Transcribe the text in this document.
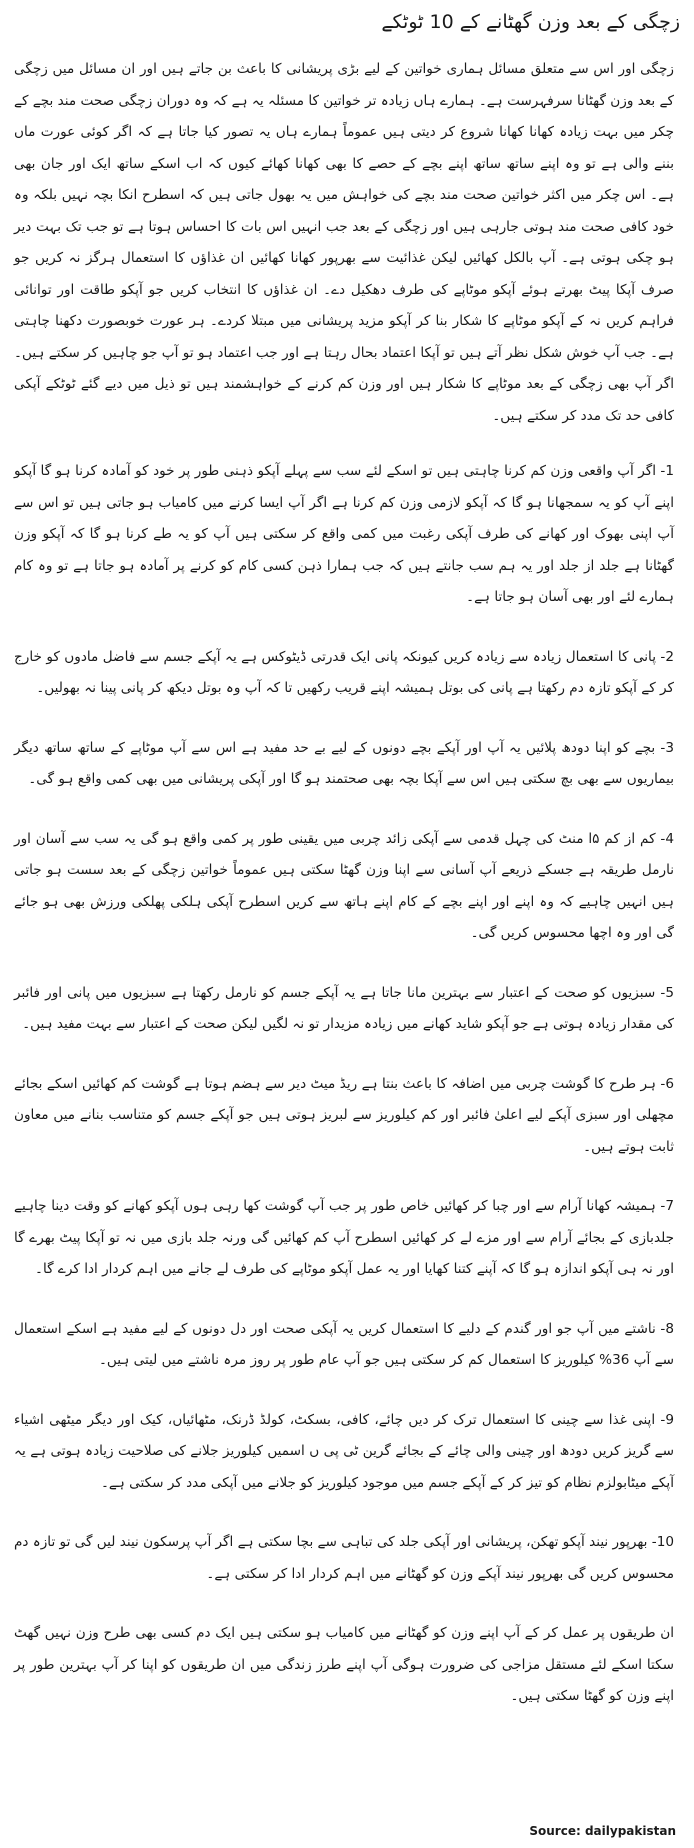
زچگی کے بعد وزن گھٹانے کے 10 ٹوٹکے

زچگی اور اس سے متعلق مسائل ہماری خواتین کے لیے بڑی پریشانی کا باعث بن جاتے ہیں اور ان مسائل میں زچگی کے بعد وزن گھٹانا سرفہرست ہے۔ ہمارے ہاں زیادہ تر خواتین کا مسئلہ یہ ہے کہ وہ دوران زچگی صحت مند بچے کے چکر میں بہت زیادہ کھانا کھانا شروع کر دیتی ہیں عموماً ہمارے ہاں یہ تصور کیا جاتا ہے کہ اگر کوئی عورت ماں بننے والی ہے تو وہ اپنے ساتھ ساتھ اپنے بچے کے حصے کا بھی کھانا کھائے کیوں کہ اب اسکے ساتھ ایک اور جان بھی ہے۔ اس چکر میں اکثر خواتین صحت مند بچے کی خواہش میں یہ بھول جاتی ہیں کہ اسطرح انکا بچہ نہیں بلکہ وہ خود کافی صحت مند ہوتی جارہی ہیں اور زچگی کے بعد جب انہیں اس بات کا احساس ہوتا ہے تو جب تک بہت دیر ہو چکی ہوتی ہے۔ آپ بالکل کھائیں لیکن غذائیت سے بھرپور کھانا کھائیں ان غذاؤں کا استعمال ہرگز نہ کریں جو صرف آپکا پیٹ بھرتے ہوئے آپکو موٹاپے کی طرف دھکیل دے۔ ان غذاؤں کا انتخاب کریں جو آپکو طاقت اور توانائی فراہم کریں نہ کے آپکو موٹاپے کا شکار بنا کر آپکو مزید پریشانی میں مبتلا کردے۔ ہر عورت خوبصورت دکھنا چاہتی ہے۔ جب آپ خوش شکل نظر آتے ہیں تو آپکا اعتماد بحال رہتا ہے اور جب اعتماد ہو تو آپ جو چاہیں کر سکتے ہیں۔ اگر آپ بھی زچگی کے بعد موٹاپے کا شکار ہیں اور وزن کم کرنے کے خواہشمند ہیں تو ذیل میں دیے گئے ٹوٹکے آپکی کافی حد تک مدد کر سکتے ہیں۔

1- اگر آپ واقعی وزن کم کرنا چاہتی ہیں تو اسکے لئے سب سے پہلے آپکو ذہنی طور پر خود کو آمادہ کرنا ہو گا آپکو اپنے آپ کو یہ سمجھانا ہو گا کہ آپکو لازمی وزن کم کرنا ہے اگر آپ ایسا کرنے میں کامیاب ہو جاتی ہیں تو اس سے آپ اپنی بھوک اور کھانے کی طرف آپکی رغبت میں کمی واقع کر سکتی ہیں آپ کو یہ طے کرنا ہو گا کہ آپکو وزن گھٹانا ہے جلد از جلد اور یہ ہم سب جانتے ہیں کہ جب ہمارا ذہن کسی کام کو کرنے پر آمادہ ہو جاتا ہے تو وہ کام ہمارے لئے اور بھی آسان ہو جاتا ہے۔

2- پانی کا استعمال زیادہ سے زیادہ کریں کیونکہ پانی ایک قدرتی ڈیٹوکس ہے یہ آپکے جسم سے فاضل مادوں کو خارج کر کے آپکو تازہ دم رکھتا ہے پانی کی بوتل ہمیشہ اپنے قریب رکھیں تا کہ آپ وہ بوتل دیکھ کر پانی پینا نہ بھولیں۔

3- بچے کو اپنا دودھ پلائیں یہ آپ اور آپکے بچے دونوں کے لیے بے حد مفید ہے اس سے آپ موٹاپے کے ساتھ ساتھ دیگر بیماریوں سے بھی بچ سکتی ہیں اس سے آپکا بچہ بھی صحتمند ہو گا اور آپکی پریشانی میں بھی کمی واقع ہو گی۔

4- کم از کم ۵ا منٹ کی چہل قدمی سے آپکی زائد چربی میں یقینی طور پر کمی واقع ہو گی یہ سب سے آسان اور نارمل طریقہ ہے جسکے ذریعے آپ آسانی سے اپنا وزن گھٹا سکتی ہیں عموماً خواتین زچگی کے بعد سست ہو جاتی ہیں انہیں چاہیے کہ وہ اپنے اور اپنے بچے کے کام اپنے ہاتھ سے کریں اسطرح آپکی ہلکی پھلکی ورزش بھی ہو جائے گی اور وہ اچھا محسوس کریں گی۔

5- سبزیوں کو صحت کے اعتبار سے بہترین مانا جاتا ہے یہ آپکے جسم کو نارمل رکھتا ہے سبزیوں میں پانی اور فائبر کی مقدار زیادہ ہوتی ہے جو آپکو شاید کھانے میں زیادہ مزیدار تو نہ لگیں لیکن صحت کے اعتبار سے بہت مفید ہیں۔

6- ہر طرح کا گوشت چربی میں اضافہ کا باعث بنتا ہے ریڈ میٹ دیر سے ہضم ہوتا ہے گوشت کم کھائیں اسکے بجائے مچھلی اور سبزی آپکے لیے اعلیٰ فائبر اور کم کیلوریز سے لبریز ہوتی ہیں جو آپکے جسم کو متناسب بنانے میں معاون ثابت ہوتے ہیں۔

7- ہمیشہ کھانا آرام سے اور چبا کر کھائیں خاص طور پر جب آپ گوشت کھا رہی ہوں آپکو کھانے کو وقت دینا چاہیے جلدبازی کے بجائے آرام سے اور مزے لے کر کھائیں اسطرح آپ کم کھائیں گی ورنہ جلد بازی میں نہ تو آپکا پیٹ بھرے گا اور نہ ہی آپکو اندازہ ہو گا کہ آپنے کتنا کھایا اور یہ عمل آپکو موٹاپے کی طرف لے جانے میں اہم کردار ادا کرے گا۔

8- ناشتے میں آپ جو اور گندم کے دلیے کا استعمال کریں یہ آپکی صحت اور دل دونوں کے لیے مفید ہے اسکے استعمال سے آپ 36% کیلوریز کا استعمال کم کر سکتی ہیں جو آپ عام طور پر روز مرہ ناشتے میں لیتی ہیں۔

9- اپنی غذا سے چینی کا استعمال ترک کر دیں چائے، کافی، بسکٹ، کولڈ ڈرنک، مٹھائیاں، کیک اور دیگر میٹھی اشیاء سے گریز کریں دودھ اور چینی والی چائے کے بجائے گرین ٹی پی ں اسمیں کیلوریز جلانے کی صلاحیت زیادہ ہوتی ہے یہ آپکے میٹابولزم نظام کو تیز کر کے آپکے جسم میں موجود کیلوریز کو جلانے میں آپکی مدد کر سکتی ہے۔

10- بھرپور نیند آپکو تھکن، پریشانی اور آپکی جلد کی تباہی سے بچا سکتی ہے اگر آپ پرسکون نیند لیں گی تو تازہ دم محسوس کریں گی بھرپور نیند آپکے وزن کو گھٹانے میں اہم کردار ادا کر سکتی ہے۔

ان طریقوں پر عمل کر کے آپ اپنے وزن کو گھٹانے میں کامیاب ہو سکتی ہیں ایک دم کسی بھی طرح وزن نہیں گھٹ سکتا اسکے لئے مستقل مزاجی کی ضرورت ہوگی آپ اپنے طرز زندگی میں ان طریقوں کو اپنا کر آپ بہترین طور پر اپنے وزن کو گھٹا سکتی ہیں۔

Source: dailypakistan
